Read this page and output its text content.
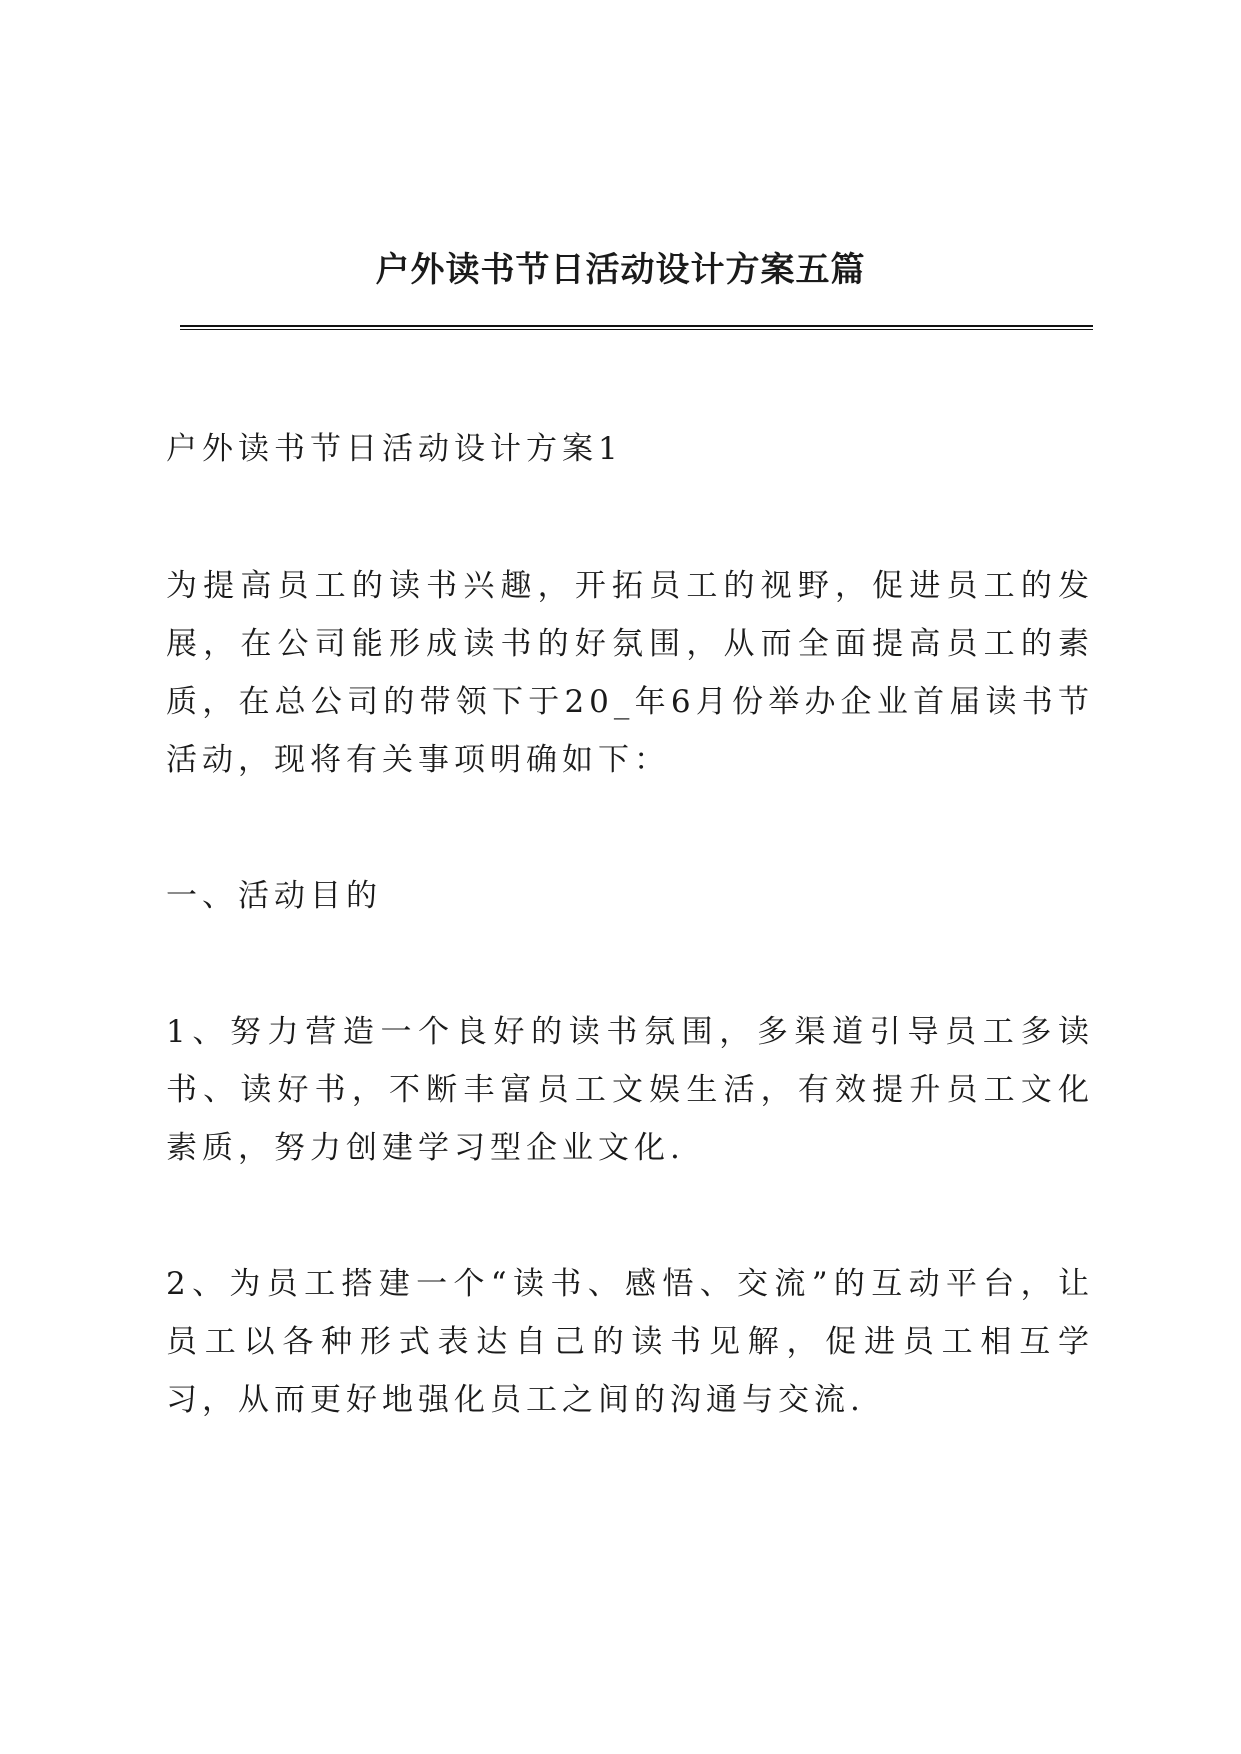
户外读书节日活动设计方案五篇

户外读书节日活动设计方案1

为提高员工的读书兴趣，开拓员工的视野，促进员工的发展，在公司能形成读书的好氛围，从而全面提高员工的素质，在总公司的带领下于20_年6月份举办企业首届读书节活动，现将有关事项明确如下：

一、活动目的

1、努力营造一个良好的读书氛围，多渠道引导员工多读书、读好书，不断丰富员工文娱生活，有效提升员工文化素质，努力创建学习型企业文化.

2、为员工搭建一个“读书、感悟、交流”的互动平台，让员工以各种形式表达自己的读书见解，促进员工相互学习，从而更好地强化员工之间的沟通与交流.
